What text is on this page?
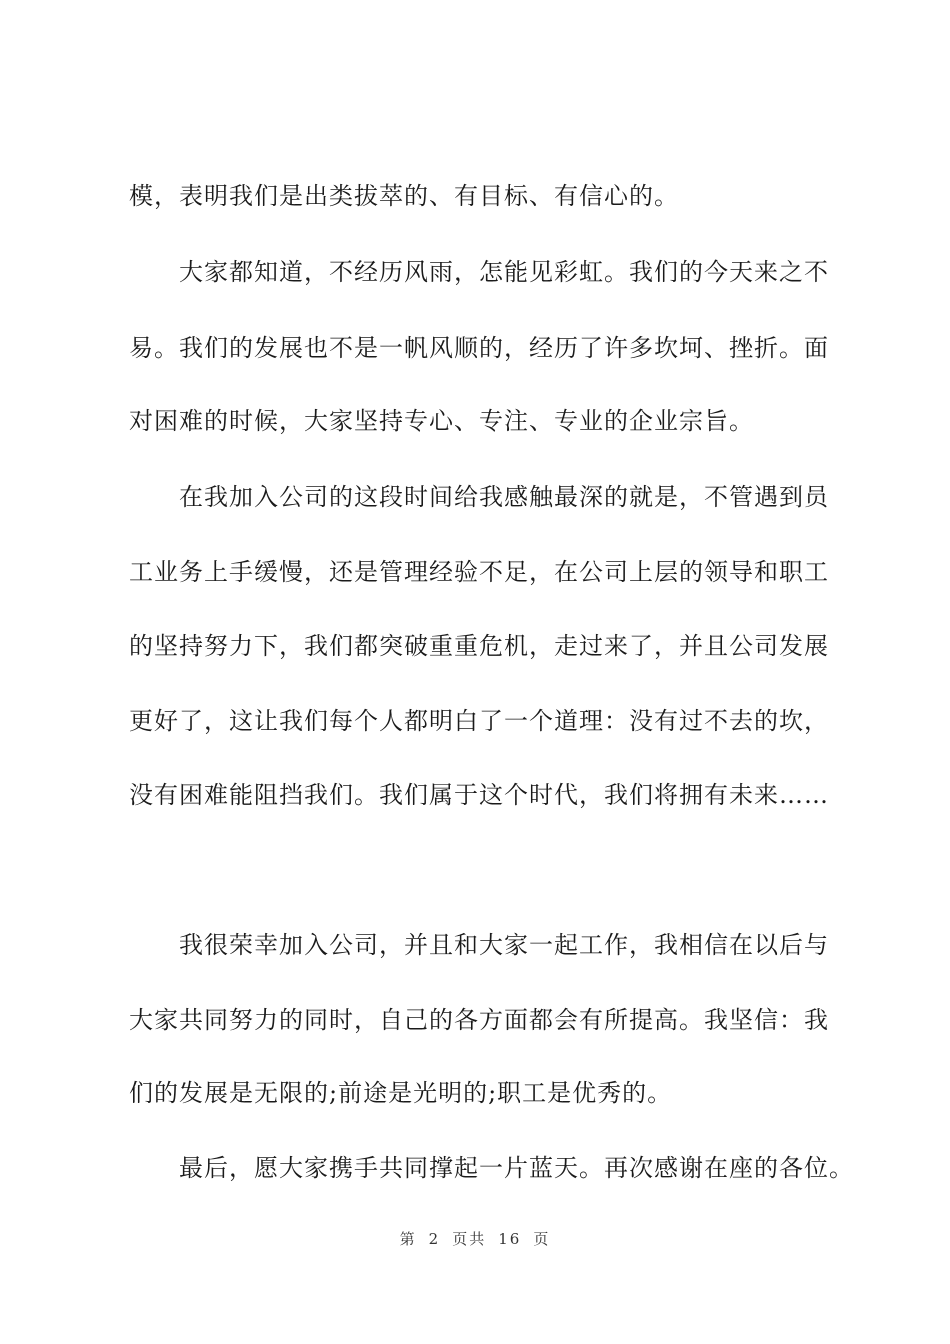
模，表明我们是出类拔萃的、有目标、有信心的。
大家都知道，不经历风雨，怎能见彩虹。我们的今天来之不
易。我们的发展也不是一帆风顺的，经历了许多坎坷、挫折。面
对困难的时候，大家坚持专心、专注、专业的企业宗旨。
在我加入公司的这段时间给我感触最深的就是，不管遇到员
工业务上手缓慢，还是管理经验不足，在公司上层的领导和职工
的坚持努力下，我们都突破重重危机，走过来了，并且公司发展
更好了，这让我们每个人都明白了一个道理：没有过不去的坎，
没有困难能阻挡我们。我们属于这个时代，我们将拥有未来……
我很荣幸加入公司，并且和大家一起工作，我相信在以后与
大家共同努力的同时，自己的各方面都会有所提高。我坚信：我
们的发展是无限的;前途是光明的;职工是优秀的。
最后，愿大家携手共同撑起一片蓝天。再次感谢在座的各位。
第 2 页共 16 页
